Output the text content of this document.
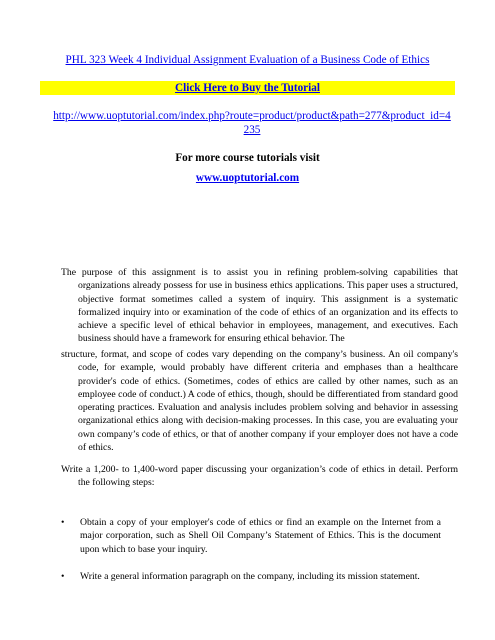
PHL 323 Week 4 Individual Assignment Evaluation of a Business Code of Ethics
Click Here to Buy the Tutorial
http://www.uoptutorial.com/index.php?route=product/product&path=277&product_id=4235
For more course tutorials visit
www.uoptutorial.com
The purpose of this assignment is to assist you in refining problem-solving capabilities that organizations already possess for use in business ethics applications. This paper uses a structured, objective format sometimes called a system of inquiry. This assignment is a systematic formalized inquiry into or examination of the code of ethics of an organization and its effects to achieve a specific level of ethical behavior in employees, management, and executives. Each business should have a framework for ensuring ethical behavior. The
structure, format, and scope of codes vary depending on the company’s business. An oil company's code, for example, would probably have different criteria and emphases than a healthcare provider's code of ethics. (Sometimes, codes of ethics are called by other names, such as an employee code of conduct.) A code of ethics, though, should be differentiated from standard good operating practices. Evaluation and analysis includes problem solving and behavior in assessing organizational ethics along with decision-making processes. In this case, you are evaluating your own company’s code of ethics, or that of another company if your employer does not have a code of ethics.
Write a 1,200- to 1,400-word paper discussing your organization’s code of ethics in detail. Perform the following steps:
•	Obtain a copy of your employer's code of ethics or find an example on the Internet from a major corporation, such as Shell Oil Company’s Statement of Ethics. This is the document upon which to base your inquiry.
•	Write a general information paragraph on the company, including its mission statement.
